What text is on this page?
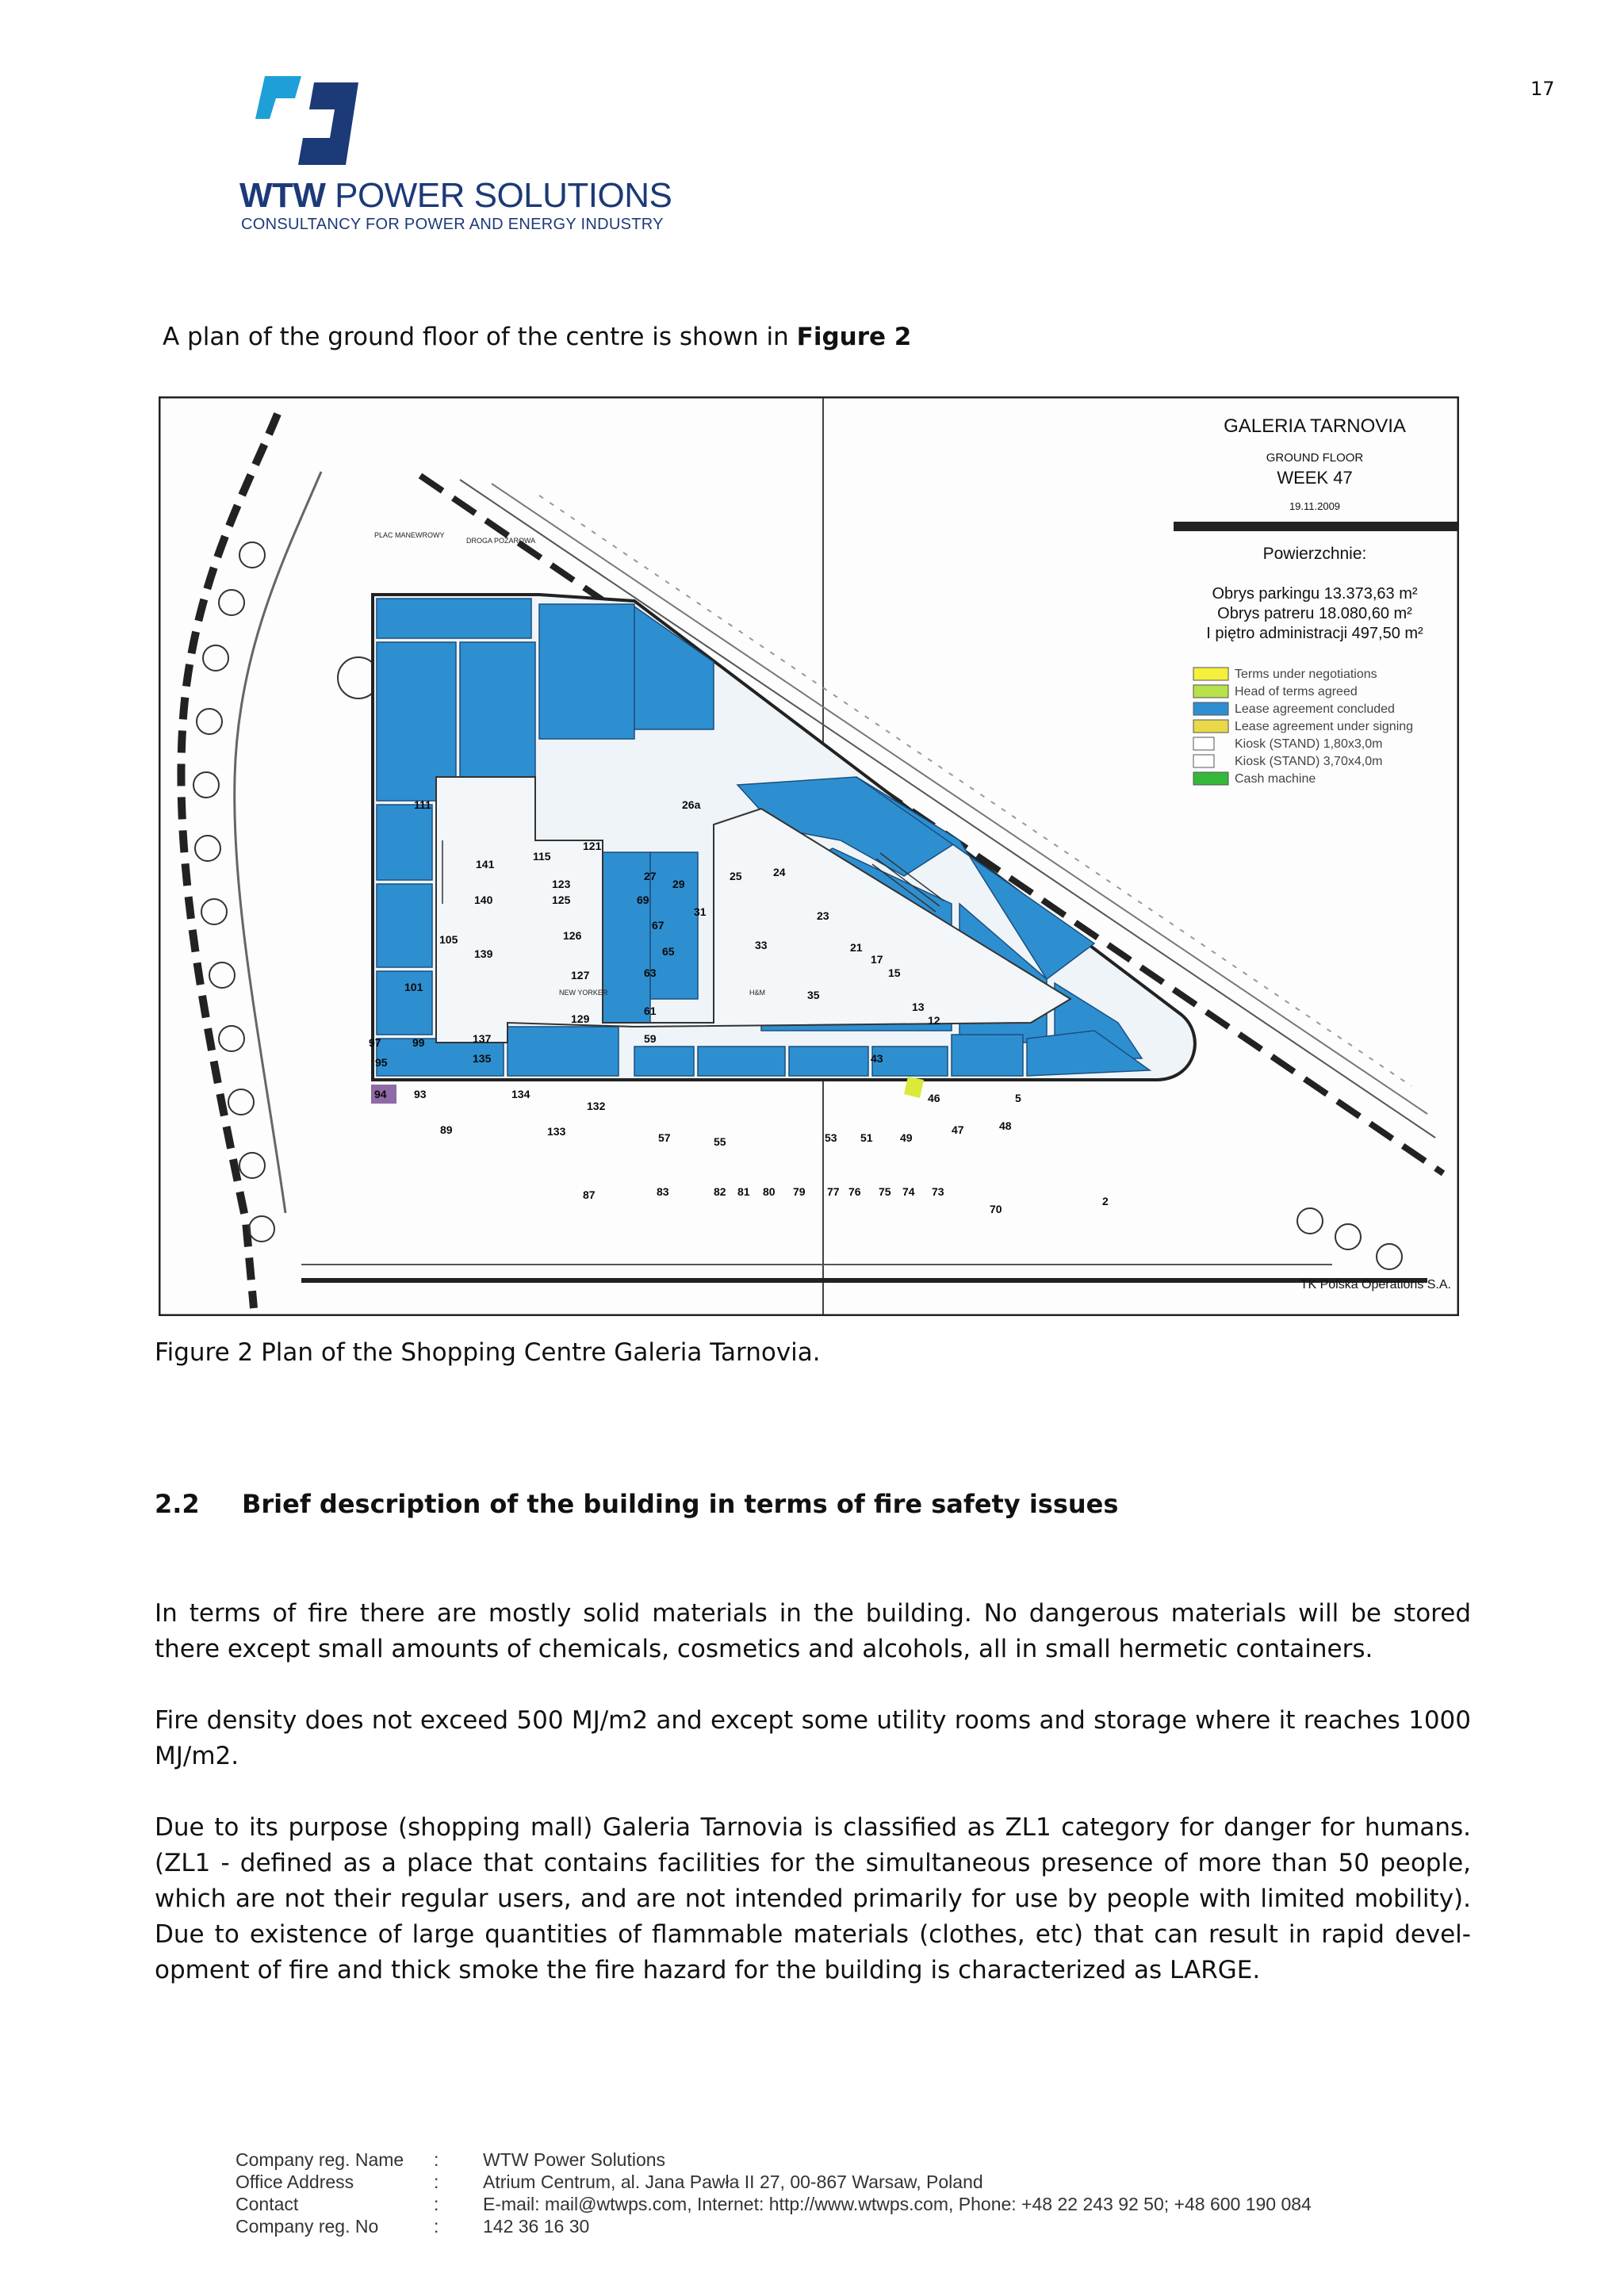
17
WTW POWER SOLUTIONS
CONSULTANCY FOR POWER AND ENERGY INDUSTRY
A plan of the ground floor of the centre is shown in Figure 2
111
141
123
140	125
126
139
127
129
101
105
137
135
134
133
132
94 93
89
87	83	82 81 80 79 77 76 75 74 73
70
57	55	53 51 49
47	48
46
43
35
33
31
29
27	25	24
23
21
17
15
13
12
5
2
67
65
63
61
59
69
26a
95
97	99
115
121
PLAC MANEWROWY
DROGA POŻAROWA
NEW YORKER	H&M
GALERIA TARNOVIA
GROUND FLOOR
WEEK 47
19.11.2009
Powierzchnie:
Obrys parkingu 13.373,63 m²
Obrys patreru 18.080,60 m²
I piętro administracji 497,50 m²
Terms under negotiations
Head of terms agreed
Lease agreement concluded
Lease agreement under signing
Kiosk (STAND) 1,80x3,0m
Kiosk (STAND) 3,70x4,0m
Cash machine
TK Polska Operations S.A.
Figure 2 Plan of the Shopping Centre Galeria Tarnovia.
2.2 Brief description of the building in terms of fire safety issues
In terms of fire there are mostly solid materials in the building. No dangerous materials will be stored there except small amounts of chemicals, cosmetics and alcohols, all in small hermetic containers.
Fire density does not exceed 500 MJ/m2 and except some utility rooms and storage where it reaches 1000 MJ/m2.
Due to its purpose (shopping mall) Galeria Tarnovia is classified as ZL1 category for danger for humans. (ZL1 - defined as a place that contains facilities for the simultaneous presence of more than 50 people, which are not their regular users, and are not intended primarily for use by people with limited mobility). Due to existence of large quantities of flammable materials (clothes, etc) that can result in rapid devel-opment of fire and thick smoke the fire hazard for the building is characterized as LARGE.
Company reg. Name : WTW Power Solutions
Office Address	: Atrium Centrum, al. Jana Pawła II 27, 00-867 Warsaw, Poland
Contact	: E-mail: mail@wtwps.com, Internet: http://www.wtwps.com, Phone: +48 22 243 92 50; +48 600 190 084
Company reg. No	: 142 36 16 30
